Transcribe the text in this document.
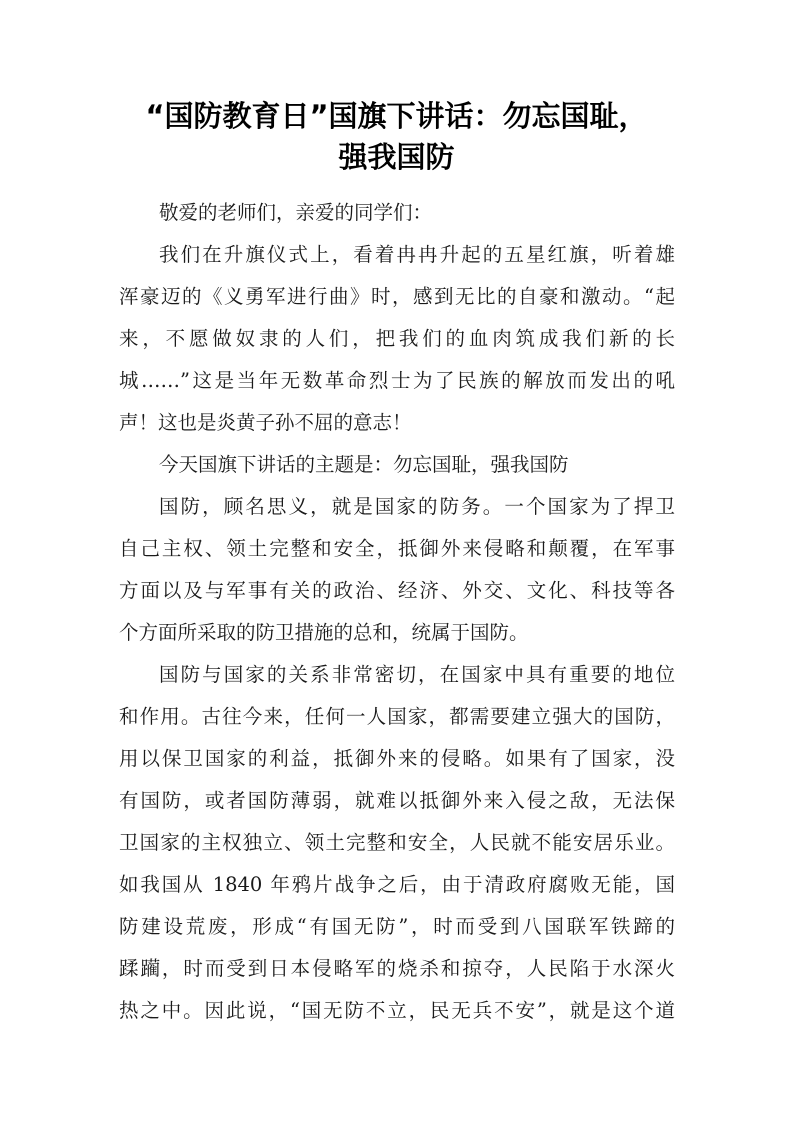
“国防教育日”国旗下讲话：勿忘国耻，
强我国防
敬爱的老师们，亲爱的同学们：
我们在升旗仪式上，看着冉冉升起的五星红旗，听着雄
浑豪迈的《义勇军进行曲》时，感到无比的自豪和激动。“起
来，不愿做奴隶的人们，把我们的血肉筑成我们新的长
城……”这是当年无数革命烈士为了民族的解放而发出的吼
声！这也是炎黄子孙不屈的意志！
今天国旗下讲话的主题是：勿忘国耻，强我国防
国防，顾名思义，就是国家的防务。一个国家为了捍卫
自己主权、领土完整和安全，抵御外来侵略和颠覆，在军事
方面以及与军事有关的政治、经济、外交、文化、科技等各
个方面所采取的防卫措施的总和，统属于国防。
国防与国家的关系非常密切，在国家中具有重要的地位
和作用。古往今来，任何一人国家，都需要建立强大的国防，
用以保卫国家的利益，抵御外来的侵略。如果有了国家，没
有国防，或者国防薄弱，就难以抵御外来入侵之敌，无法保
卫国家的主权独立、领土完整和安全，人民就不能安居乐业。
如我国从 1840 年鸦片战争之后，由于清政府腐败无能，国
防建设荒废，形成“有国无防”，时而受到八国联军铁蹄的
蹂躏，时而受到日本侵略军的烧杀和掠夺，人民陷于水深火
热之中。因此说，“国无防不立，民无兵不安”，就是这个道
